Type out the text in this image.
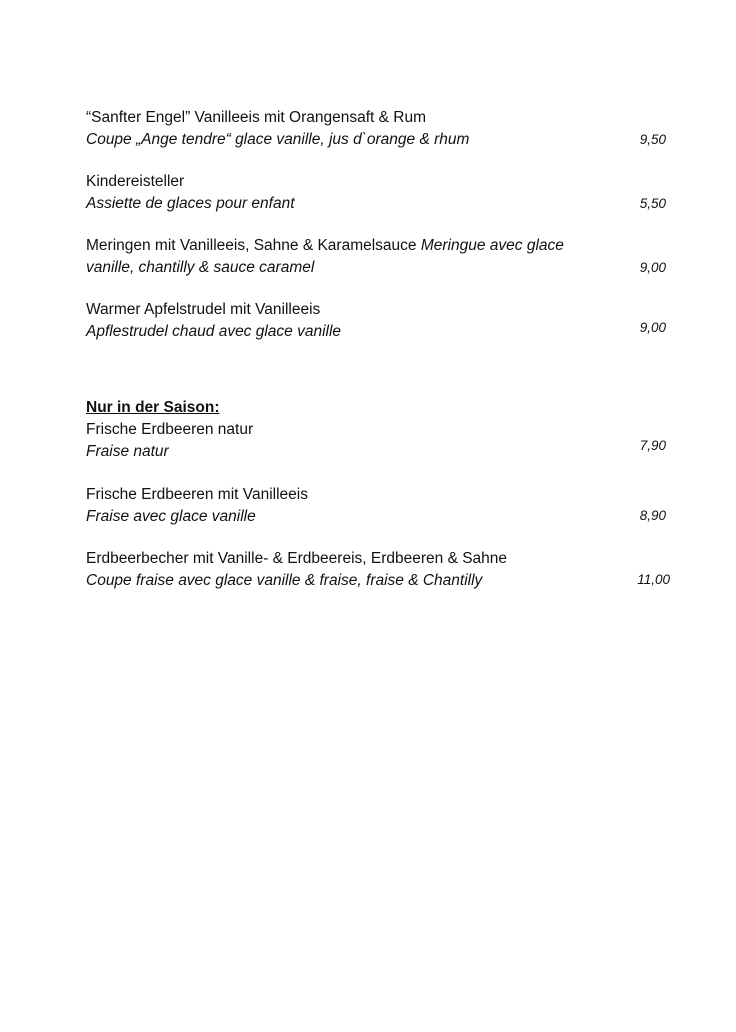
“Sanfter Engel” Vanilleeis mit Orangensaft & Rum
Coupe „Ange tendre“ glace vanille, jus d`orange & rhum	9,50
Kindereisteller
Assiette de glaces pour enfant	5,50
Meringen mit Vanilleeis, Sahne & Karamelsauce Meringue avec glace
vanille, chantilly & sauce caramel	9,00
Warmer Apfelstrudel mit Vanilleeis
Apflestrudel chaud avec glace vanille	9,00
Nur in der Saison:
Frische Erdbeeren natur
Fraise natur	7,90
Frische Erdbeeren mit Vanilleeis
Fraise avec glace vanille	8,90
Erdbeerbecher mit Vanille- & Erdbeereis, Erdbeeren & Sahne
Coupe fraise avec glace vanille & fraise, fraise & Chantilly	11,00
